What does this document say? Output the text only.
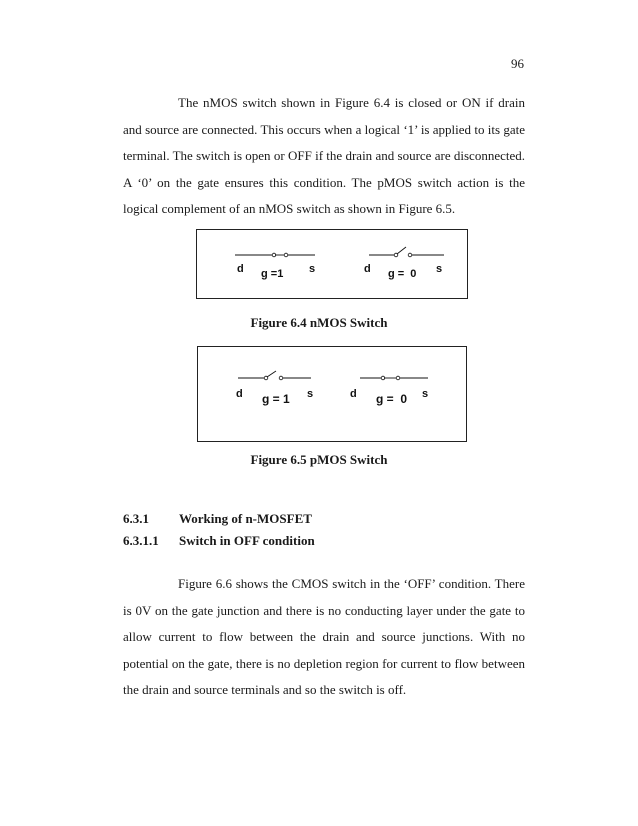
96

The nMOS switch shown in Figure 6.4 is closed or ON if drain and source are connected. This occurs when a logical ‘1’ is applied to its gate terminal. The switch is open or OFF if the drain and source are disconnected. A ‘0’ on the gate ensures this condition. The pMOS switch action is the logical complement of an nMOS switch as shown in Figure 6.5.

d	s
g =1	d	s
g =  0
Figure 6.4 nMOS Switch
d	s
g = 1	d	s
g =  0
Figure 6.5 pMOS Switch
6.3.1 Working of n-MOSFET
6.3.1.1 Switch in OFF condition

Figure 6.6 shows the CMOS switch in the ‘OFF’ condition. There is 0V on the gate junction and there is no conducting layer under the gate to allow current to flow between the drain and source junctions. With no potential on the gate, there is no depletion region for current to flow between the drain and source terminals and so the switch is off.
